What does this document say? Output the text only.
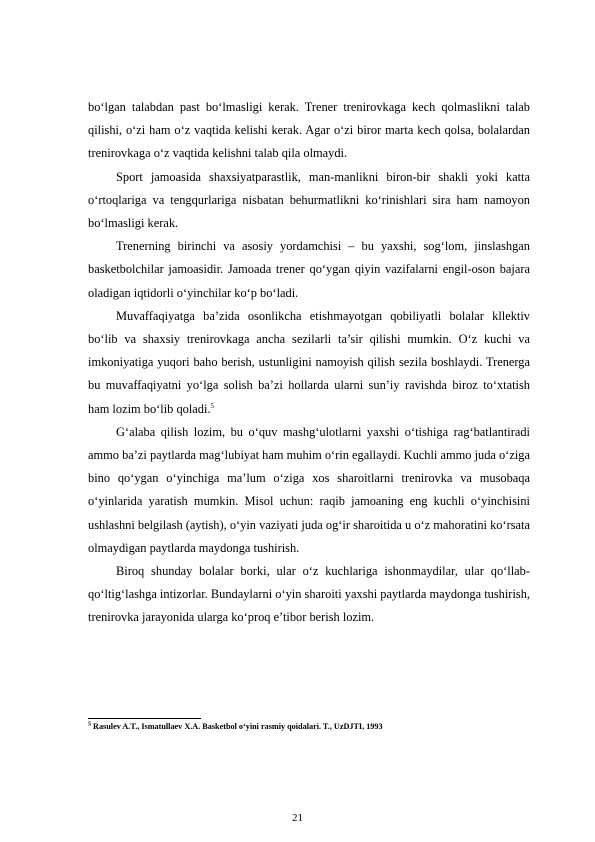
bo‘lgan talabdan past bo‘lmasligi kerak. Trener trenirovkaga kech qolmaslikni talab qilishi, o‘zi ham o‘z vaqtida kelishi kerak. Agar o‘zi biror marta kech qolsa, bolalardan trenirovkaga o‘z vaqtida kelishni talab qila olmaydi.

Sport jamoasida shaxsiyatparastlik, man-manlikni biron-bir shakli yoki katta o‘rtoqlariga va tengqurlariga nisbatan behurmatlikni ko‘rinishlari sira ham namoyon bo‘lmasligi kerak.

Trenerning birinchi va asosiy yordamchisi – bu yaxshi, sog‘lom, jinslashgan basketbolchilar jamoasidir. Jamoada trener qo‘ygan qiyin vazifalarni engil-oson bajara oladigan iqtidorli o‘yinchilar ko‘p bo‘ladi.

Muvaffaqiyatga ba’zida osonlikcha etishmayotgan qobiliyatli bolalar kllektiv bo‘lib va shaxsiy trenirovkaga ancha sezilarli ta’sir qilishi mumkin. O‘z kuchi va imkoniyatiga yuqori baho berish, ustunligini namoyish qilish sezila boshlaydi. Trenerga bu muvaffaqiyatni yo‘lga solish ba’zi hollarda ularni sun’iy ravishda biroz to‘xtatish ham lozim bo‘lib qoladi.$^5$

G‘alaba qilish lozim, bu o‘quv mashg‘ulotlarni yaxshi o‘tishiga rag‘batlantiradi ammo ba’zi paytlarda mag‘lubiyat ham muhim o‘rin egallaydi. Kuchli ammo juda o‘ziga bino qo‘ygan o‘yinchiga ma’lum o‘ziga xos sharoitlarni trenirovka va musobaqa o‘yinlarida yaratish mumkin. Misol uchun: raqib jamoaning eng kuchli o‘yinchisini ushlashni belgilash (aytish), o‘yin vaziyati juda og‘ir sharoitida u o‘z mahoratini ko‘rsata olmaydigan paytlarda maydonga tushirish.

Biroq shunday bolalar borki, ular o‘z kuchlariga ishonmaydilar, ular qo‘llab-qo‘ltig‘lashga intizorlar. Bundaylarni o‘yin sharoiti yaxshi paytlarda maydonga tushirish, trenirovka jarayonida ularga ko‘proq e’tibor berish lozim.

$^5$ Rasulev A.T., Ismatullaev X.A. Basketbol o‘yini rasmiy qoidalari. T., UzDJTI, 1993
21
